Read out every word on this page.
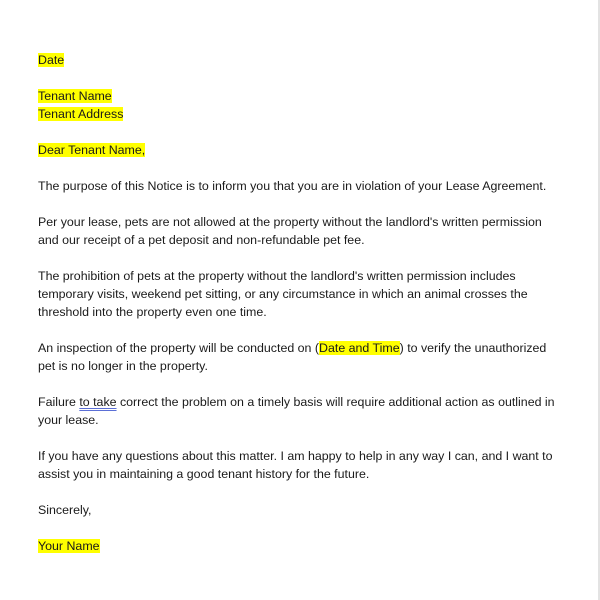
Date
Tenant Name
Tenant Address
Dear Tenant Name,
The purpose of this Notice is to inform you that you are in violation of your Lease Agreement.
Per your lease, pets are not allowed at the property without the landlord's written permission
and our receipt of a pet deposit and non-refundable pet fee.
The prohibition of pets at the property without the landlord's written permission includes
temporary visits, weekend pet sitting, or any circumstance in which an animal crosses the
threshold into the property even one time.
An inspection of the property will be conducted on (Date and Time) to verify the unauthorized
pet is no longer in the property.
Failure to take correct the problem on a timely basis will require additional action as outlined in
your lease.
If you have any questions about this matter. I am happy to help in any way I can, and I want to
assist you in maintaining a good tenant history for the future.
Sincerely,
Your Name
